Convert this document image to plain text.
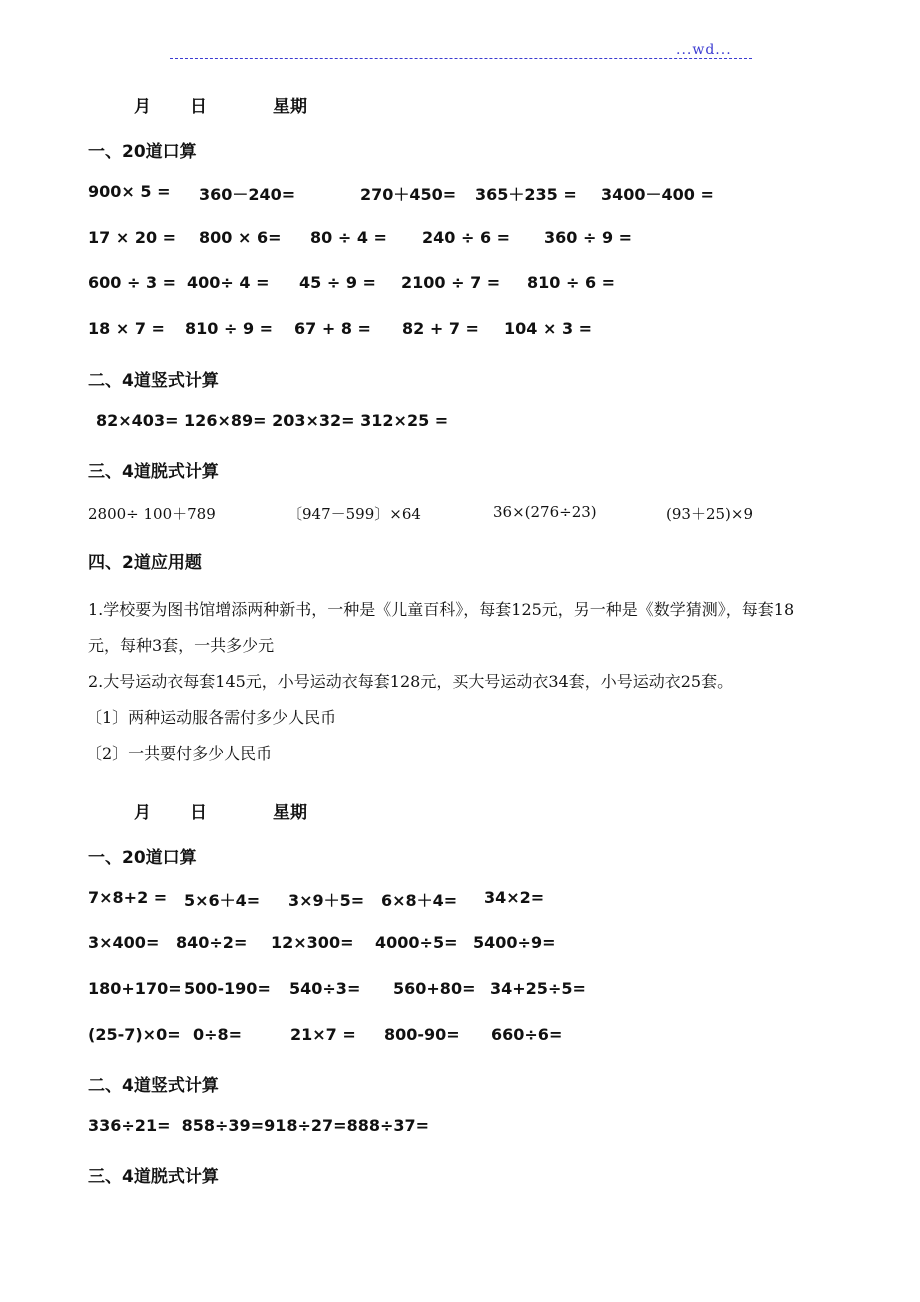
...wd...
月 日	星期
一、20道口算
900× 5 = 360－240=	270＋450= 365＋235 = 3400－400 =
17 × 20 = 800 × 6= 80 ÷ 4 = 240 ÷ 6 = 360 ÷ 9 =
600 ÷ 3 = 400÷ 4 = 45 ÷ 9 = 2100 ÷ 7 = 810 ÷ 6 =
18 × 7 = 810 ÷ 9 = 67 + 8 = 82 + 7 = 104 × 3 =
二、4道竖式计算
82×403= 126×89= 203×32= 312×25 =
三、4道脱式计算
2800÷ 100＋789	〔947－599〕×64	36×(276÷23)	(93＋25)×9
四、2道应用题
1.学校要为图书馆增添两种新书，一种是《儿童百科》，每套125元，另一种是《数学猜测》，每套18元，每种3套，一共多少元
2.大号运动衣每套145元，小号运动衣每套128元，买大号运动衣34套，小号运动衣25套。
〔1〕两种运动服各需付多少人民币
〔2〕一共要付多少人民币
月 日	星期
一、20道口算
7×8+2 = 5×6＋4= 3×9＋5= 6×8＋4= 34×2=
3×400= 840÷2= 12×300= 4000÷5= 5400÷9=
180+170= 500-190= 540÷3= 560+80= 34+25÷5=
(25-7)×0= 0÷8=	21×7 = 800-90= 660÷6=
二、4道竖式计算
336÷21=  858÷39=918÷27=888÷37=
三、4道脱式计算
